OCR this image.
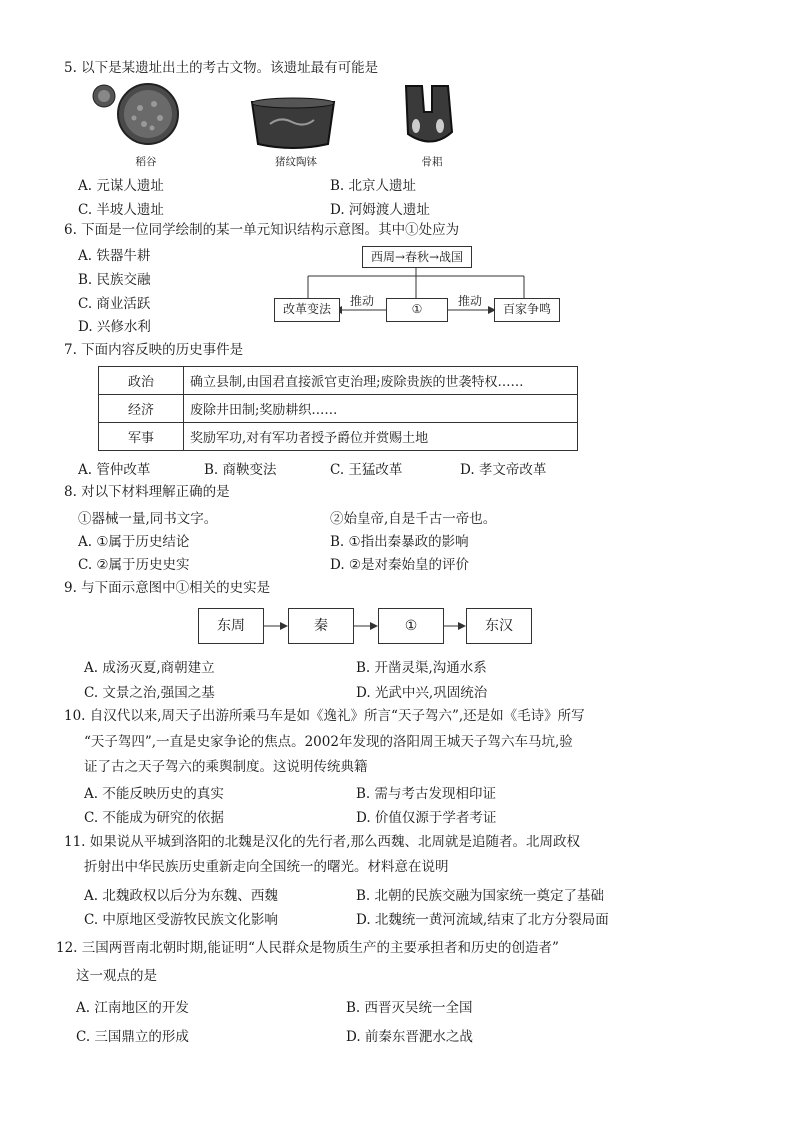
5. 以下是某遗址出土的考古文物。该遗址最有可能是
稻谷	猪纹陶钵	骨耜
A. 元谋人遗址	B. 北京人遗址
C. 半坡人遗址	D. 河姆渡人遗址
6. 下面是一位同学绘制的某一单元知识结构示意图。其中①处应为
A. 铁器牛耕
B. 民族交融
C. 商业活跃
D. 兴修水利
西周→春秋→战国
改革变法	①	百家争鸣
推动	推动
7. 下面内容反映的历史事件是
政治	确立县制,由国君直接派官吏治理;废除贵族的世袭特权……
经济	废除井田制;奖励耕织……
军事	奖励军功,对有军功者授予爵位并赏赐土地
A. 管仲改革	B. 商鞅变法	C. 王猛改革	D. 孝文帝改革
8. 对以下材料理解正确的是
①器械一量,同书文字。	②始皇帝,自是千古一帝也。
A. ①属于历史结论	B. ①指出秦暴政的影响
C. ②属于历史史实	D. ②是对秦始皇的评价
9. 与下面示意图中①相关的史实是
东周	秦	①	东汉
A. 成汤灭夏,商朝建立	B. 开凿灵渠,沟通水系
C. 文景之治,强国之基	D. 光武中兴,巩固统治
10. 自汉代以来,周天子出游所乘马车是如《逸礼》所言“天子驾六”,还是如《毛诗》所写
“天子驾四”,一直是史家争论的焦点。2002年发现的洛阳周王城天子驾六车马坑,验
证了古之天子驾六的乘舆制度。这说明传统典籍
A. 不能反映历史的真实	B. 需与考古发现相印证
C. 不能成为研究的依据	D. 价值仅源于学者考证
11. 如果说从平城到洛阳的北魏是汉化的先行者,那么西魏、北周就是追随者。北周政权
折射出中华民族历史重新走向全国统一的曙光。材料意在说明
A. 北魏政权以后分为东魏、西魏	B. 北朝的民族交融为国家统一奠定了基础
C. 中原地区受游牧民族文化影响	D. 北魏统一黄河流域,结束了北方分裂局面
12. 三国两晋南北朝时期,能证明“人民群众是物质生产的主要承担者和历史的创造者”
这一观点的是
A. 江南地区的开发	B. 西晋灭吴统一全国
C. 三国鼎立的形成	D. 前秦东晋淝水之战
